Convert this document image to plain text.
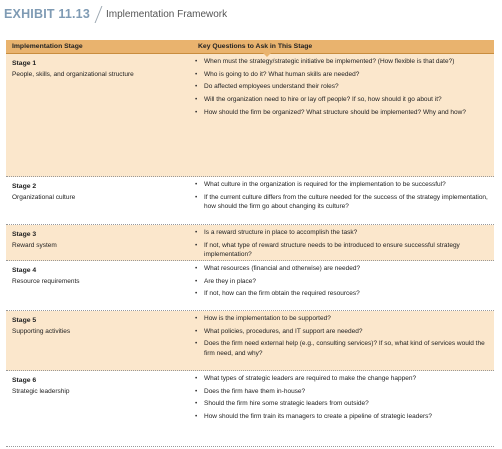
EXHIBIT 11.13 Implementation Framework
Implementation Stage	Key Questions to Ask in This Stage
Stage 1
People, skills, and organizational structure
• When must the strategy/strategic initiative be implemented? (How flexible is that date?)
• Who is going to do it? What human skills are needed?
• Do affected employees understand their roles?
• Will the organization need to hire or lay off people? If so, how should it go about it?
• How should the firm be organized? What structure should be implemented? Why and how?
Stage 2
Organizational culture
• What culture in the organization is required for the implementation to be successful?
• If the current culture differs from the culture needed for the success of the strategy implementation, how should the firm go about changing its culture?
Stage 3
Reward system
• Is a reward structure in place to accomplish the task?
• If not, what type of reward structure needs to be introduced to ensure successful strategy implementation?
Stage 4
Resource requirements
• What resources (financial and otherwise) are needed?
• Are they in place?
• If not, how can the firm obtain the required resources?
Stage 5
Supporting activities
• How is the implementation to be supported?
• What policies, procedures, and IT support are needed?
• Does the firm need external help (e.g., consulting services)? If so, what kind of services would the firm need, and why?
Stage 6
Strategic leadership
• What types of strategic leaders are required to make the change happen?
• Does the firm have them in-house?
• Should the firm hire some strategic leaders from outside?
• How should the firm train its managers to create a pipeline of strategic leaders?
